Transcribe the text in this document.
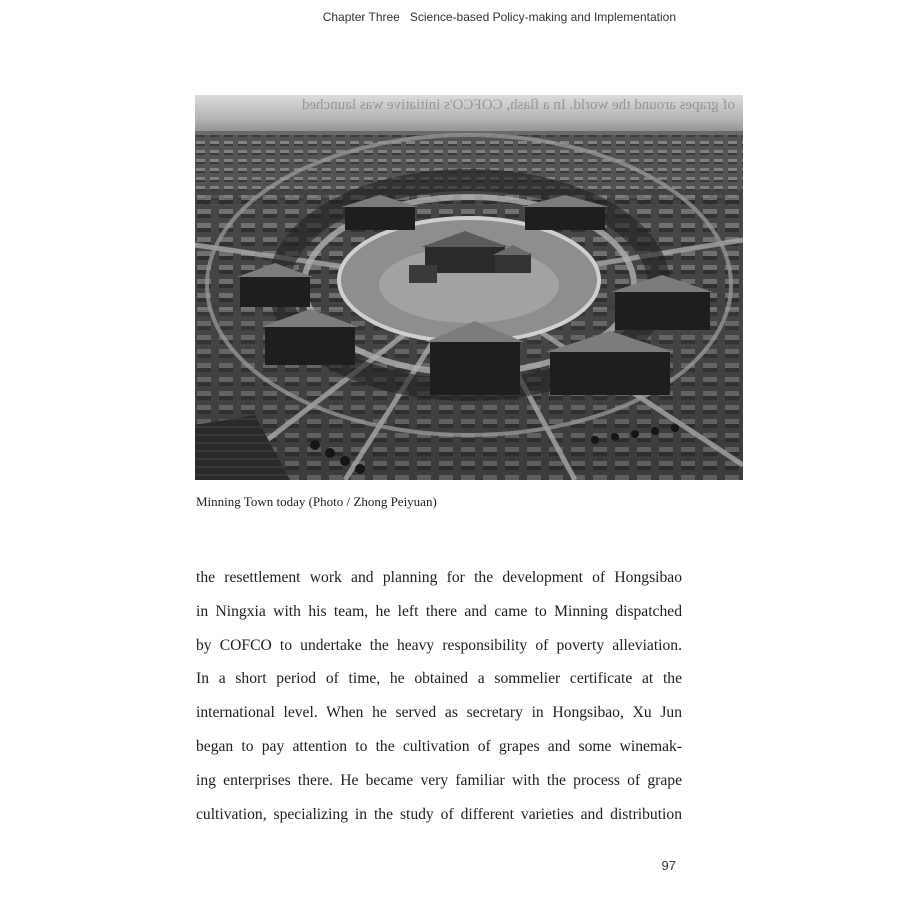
Chapter Three Science-based Policy-making and Implementation
of grapes around the world. In a flash, COFCO's initiative was launched
Minning Town today (Photo / Zhong Peiyuan)
the resettlement work and planning for the development of Hongsibao
in Ningxia with his team, he left there and came to Minning dispatched
by COFCO to undertake the heavy responsibility of poverty alleviation.
In a short period of time, he obtained a sommelier certificate at the
international level. When he served as secretary in Hongsibao, Xu Jun
began to pay attention to the cultivation of grapes and some winemak-
ing enterprises there. He became very familiar with the process of grape
cultivation, specializing in the study of different varieties and distribution
97
